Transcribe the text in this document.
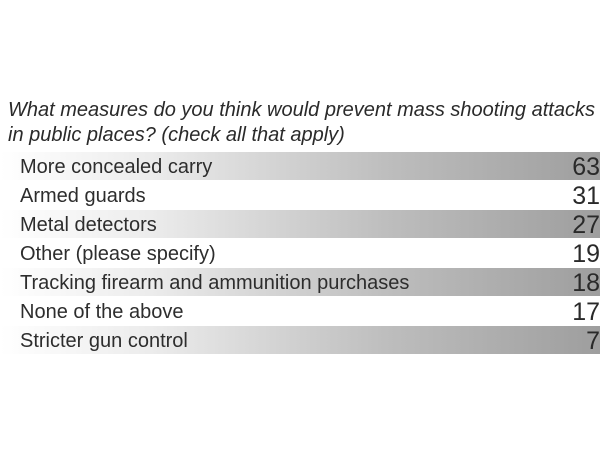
What measures do you think would prevent mass shooting attacks in public places? (check all that apply)
More concealed carry	63
Armed guards	31
Metal detectors	27
Other (please specify)	19
Tracking firearm and ammunition purchases	18
None of the above	17
Stricter gun control	7
